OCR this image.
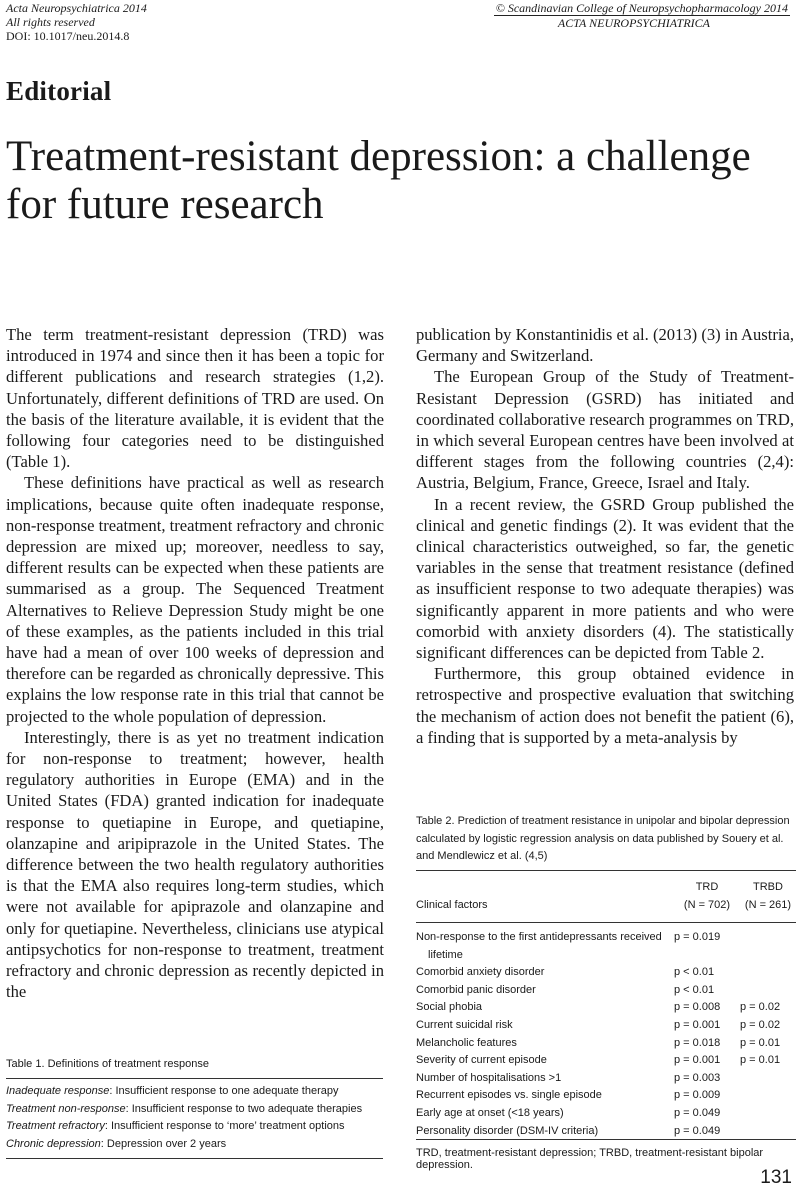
Acta Neuropsychiatrica 2014
All rights reserved
DOI: 10.1017/neu.2014.8
© Scandinavian College of Neuropsychopharmacology 2014
ACTA NEUROPSYCHIATRICA
Editorial
Treatment-resistant depression: a challenge for future research

The term treatment-resistant depression (TRD) was introduced in 1974 and since then it has been a topic for different publications and research strategies (1,2). Unfortunately, different definitions of TRD are used. On the basis of the literature available, it is evident that the following four categories need to be distinguished (Table 1).

These definitions have practical as well as research implications, because quite often inadequate response, non-response treatment, treatment refractory and chronic depression are mixed up; moreover, needless to say, different results can be expected when these patients are summarised as a group. The Sequenced Treatment Alternatives to Relieve Depression Study might be one of these examples, as the patients included in this trial have had a mean of over 100 weeks of depression and therefore can be regarded as chronically depressive. This explains the low response rate in this trial that cannot be projected to the whole population of depression.

Interestingly, there is as yet no treatment indication for non-response to treatment; however, health regulatory authorities in Europe (EMA) and in the United States (FDA) granted indication for inadequate response to quetiapine in Europe, and quetiapine, olanzapine and aripiprazole in the United States. The difference between the two health regulatory authorities is that the EMA also requires long-term studies, which were not available for apiprazole and olanzapine and only for quetiapine. Nevertheless, clinicians use atypical antipsychotics for non-response to treatment, treatment refractory and chronic depression as recently depicted in the

publication by Konstantinidis et al. (2013) (3) in Austria, Germany and Switzerland.

The European Group of the Study of Treatment-Resistant Depression (GSRD) has initiated and coordinated collaborative research programmes on TRD, in which several European centres have been involved at different stages from the following countries (2,4): Austria, Belgium, France, Greece, Israel and Italy.

In a recent review, the GSRD Group published the clinical and genetic findings (2). It was evident that the clinical characteristics outweighed, so far, the genetic variables in the sense that treatment resistance (defined as insufficient response to two adequate therapies) was significantly apparent in more patients and who were comorbid with anxiety disorders (4). The statistically significant differences can be depicted from Table 2.

Furthermore, this group obtained evidence in retrospective and prospective evaluation that switching the mechanism of action does not benefit the patient (6), a finding that is supported by a meta-analysis by

Table 1. Definitions of treatment response
Inadequate response: Insufficient response to one adequate therapy
Treatment non-response: Insufficient response to two adequate therapies
Treatment refractory: Insufficient response to ‘more’ treatment options
Chronic depression: Depression over 2 years
Table 2. Prediction of treatment resistance in unipolar and bipolar depression calculated by logistic regression analysis on data published by Souery et al. and Mendlewicz et al. (4,5)
	TRD	TRBD
Clinical factors	(N = 702)	(N = 261)

Non-response to the first antidepressants received
lifetime	p = 0.019	
Comorbid anxiety disorder	p < 0.01	
Comorbid panic disorder	p < 0.01	
Social phobia	p = 0.008	p = 0.02
Current suicidal risk	p = 0.001	p = 0.02
Melancholic features	p = 0.018	p = 0.01
Severity of current episode	p = 0.001	p = 0.01
Number of hospitalisations >1	p = 0.003	
Recurrent episodes vs. single episode	p = 0.009	
Early age at onset (<18 years)	p = 0.049	
Personality disorder (DSM-IV criteria)	p = 0.049	
TRD, treatment-resistant depression; TRBD, treatment-resistant bipolar depression.
131
